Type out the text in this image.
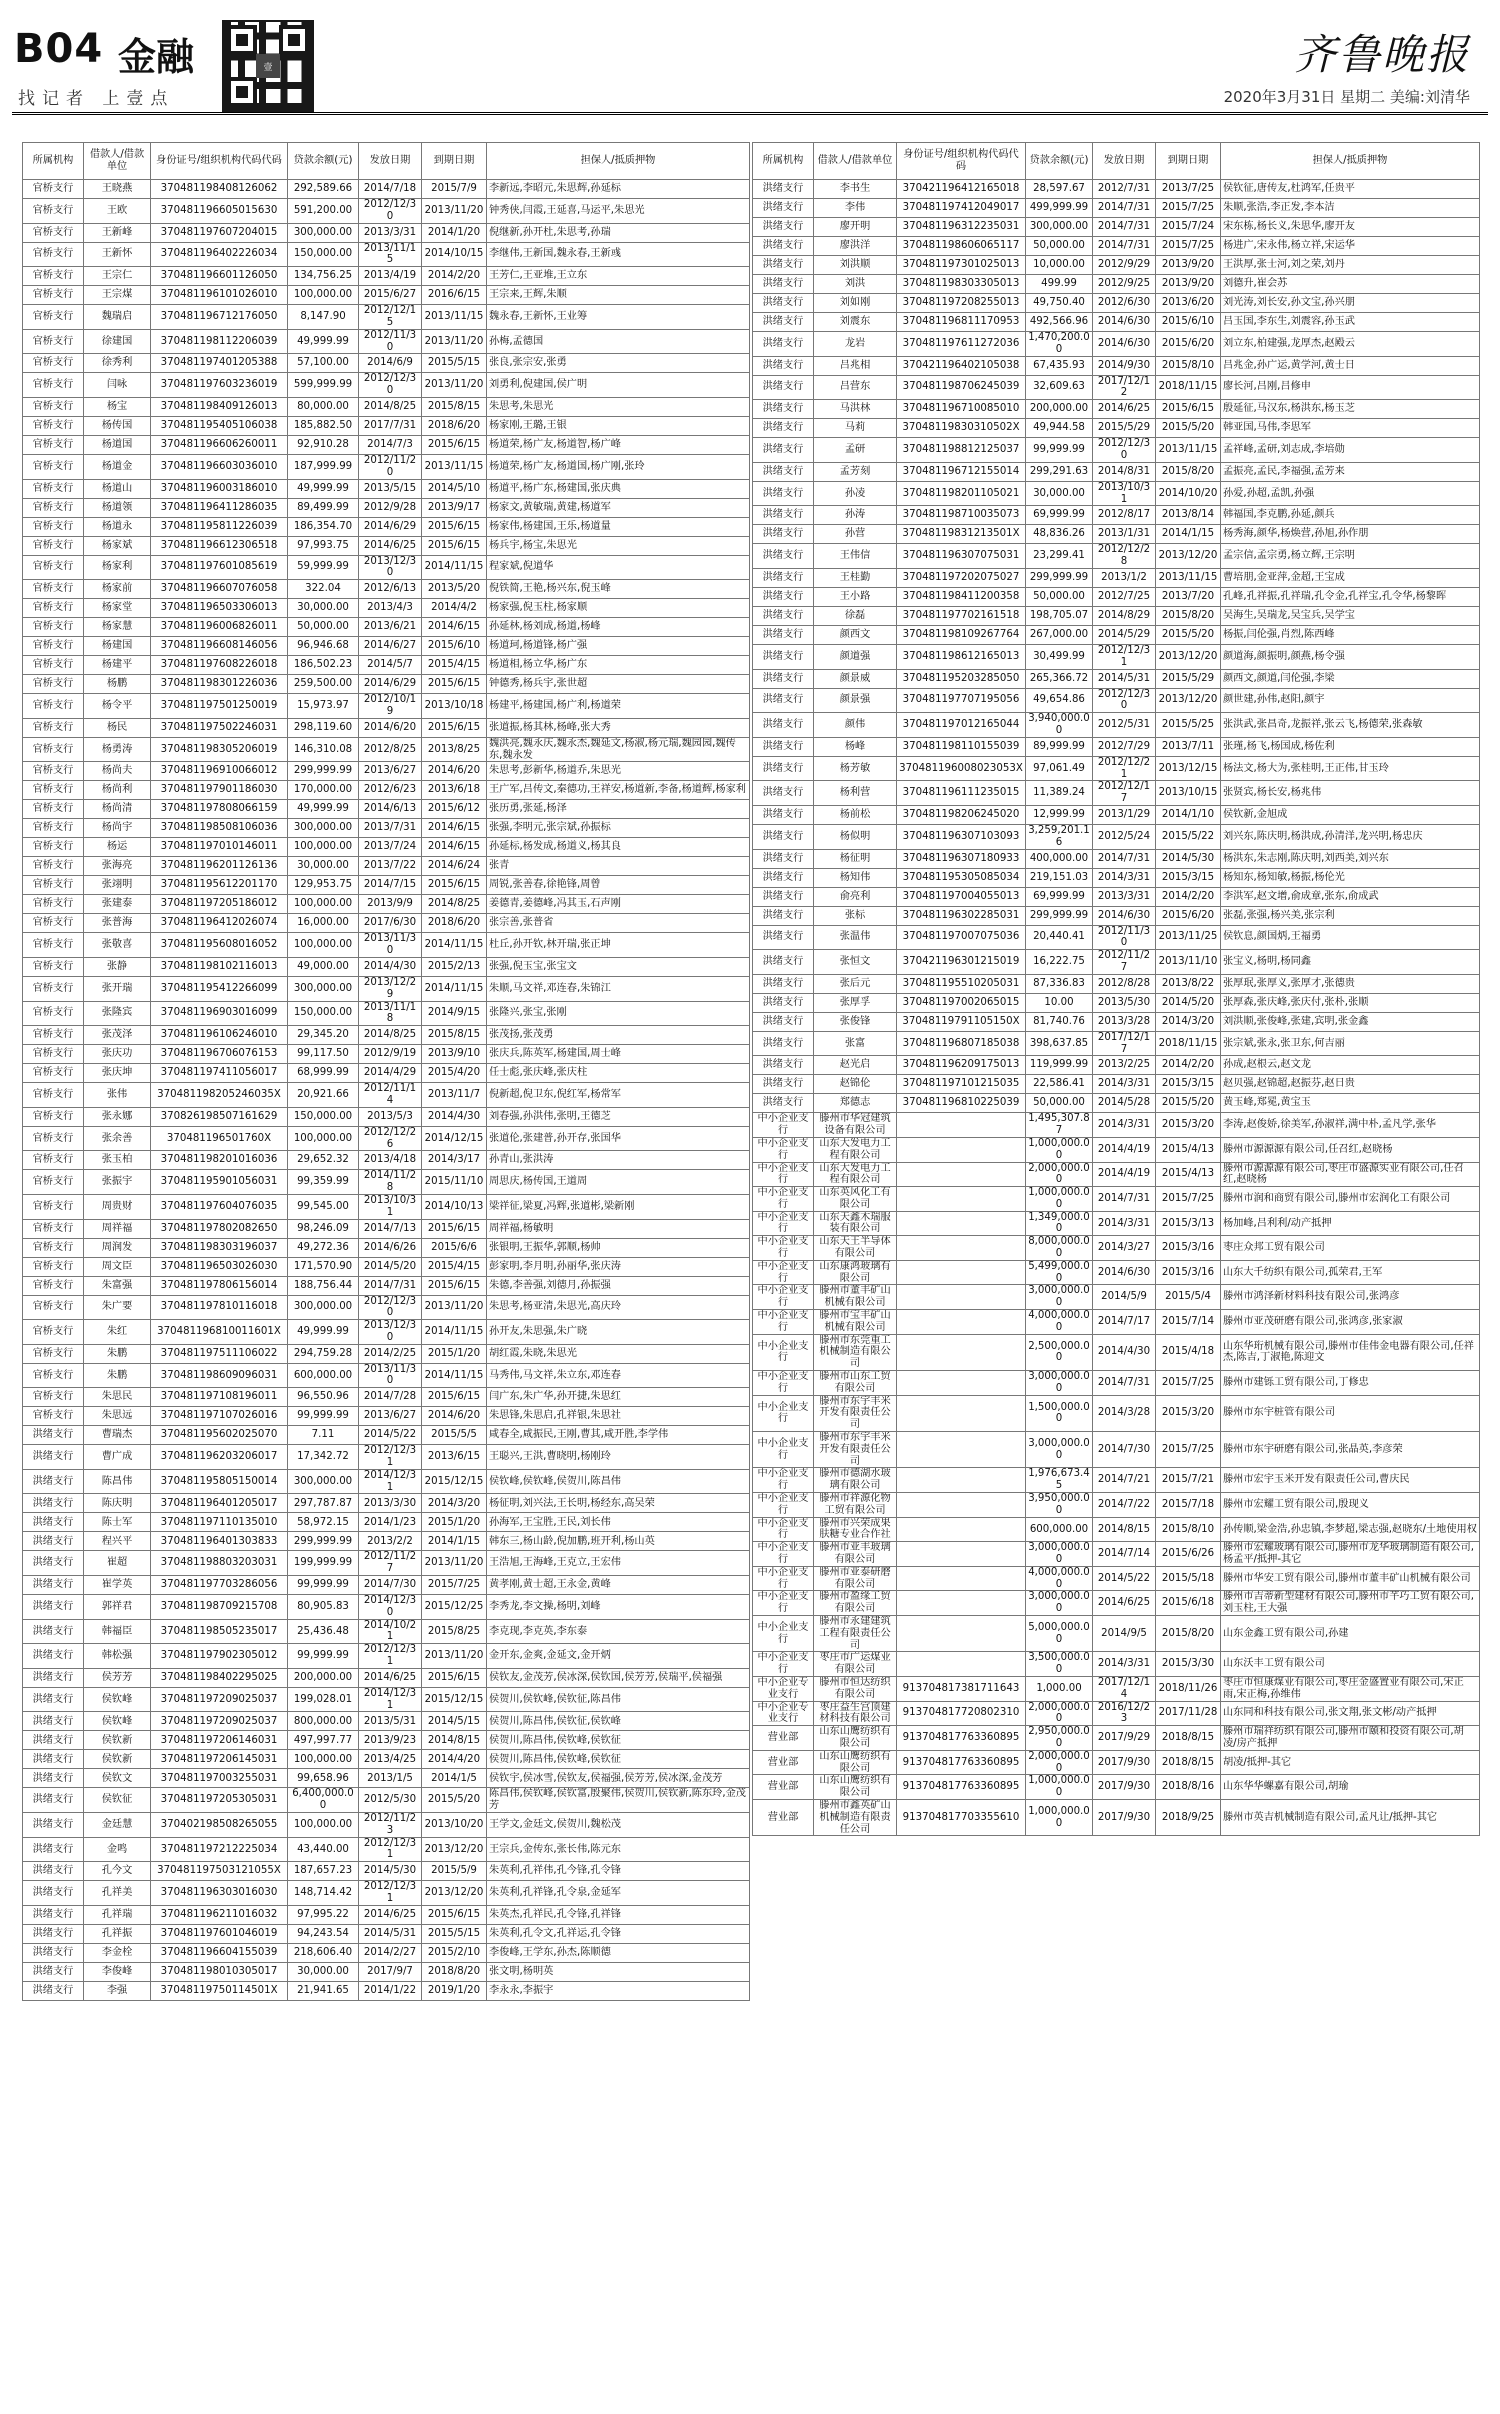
B04 金融
找记者 上壹点
壹	齐鲁晚报
2020年3月31日 星期二 美编:刘清华
所属机构	借款人/借款单位	身份证号/组织机构代码代码	贷款余额(元)	发放日期	到期日期	担保人/抵质押物
官桥支行	王晓燕	370481198408126062	292,589.66	2014/7/18	2015/7/9	李新远,李昭元,朱思辉,孙延标
官桥支行	王欧	370481196605015630	591,200.00	2012/12/30	2013/11/20	钟秀侠,闫霞,王延喜,马运平,朱思光
官桥支行	王新峰	370481197607204015	300,000.00	2013/3/31	2014/1/20	倪继新,孙开杜,朱思考,孙瑞
官桥支行	王新怀	370481196402226034	150,000.00	2013/11/15	2014/10/15	李继伟,王新国,魏永春,王新彧
官桥支行	王宗仁	370481196601126050	134,756.25	2013/4/19	2014/2/20	王芳仁,王亚堆,王立东
官桥支行	王宗煤	370481196101026010	100,000.00	2015/6/27	2016/6/15	王宗来,王辉,朱顺
官桥支行	魏瑞启	370481196712176050	8,147.90	2012/12/15	2013/11/15	魏永春,王新怀,王业筹
官桥支行	徐建国	370481198112206039	49,999.99	2012/11/30	2013/11/20	孙梅,孟德国
官桥支行	徐秀利	370481197401205388	57,100.00	2014/6/9	2015/5/15	张良,张宗安,张勇
官桥支行	闫咏	370481197603236019	599,999.99	2012/12/30	2013/11/20	刘勇利,倪建国,侯广明
官桥支行	杨宝	370481198409126013	80,000.00	2014/8/25	2015/8/15	朱思考,朱思光
官桥支行	杨传国	370481195405106038	185,882.50	2017/7/31	2018/6/20	杨家刚,王璐,王银
官桥支行	杨道国	370481196606260011	92,910.28	2014/7/3	2015/6/15	杨道荣,杨广友,杨道智,杨广峰
官桥支行	杨道金	370481196603036010	187,999.99	2012/11/20	2013/11/15	杨道荣,杨广友,杨道国,杨广刚,张玲
官桥支行	杨道山	370481196003186010	49,999.99	2013/5/15	2014/5/10	杨道平,杨广东,杨建国,张庆典
官桥支行	杨道领	370481196411286035	89,499.99	2012/9/28	2013/9/17	杨家文,黄敏瑞,黄建,杨道军
官桥支行	杨道永	370481195811226039	186,354.70	2014/6/29	2015/6/15	杨家伟,杨建国,王乐,杨道量
官桥支行	杨家斌	370481196612306518	97,993.75	2014/6/25	2015/6/15	杨兵宇,杨宝,朱思光
官桥支行	杨家利	370481197601085619	59,999.99	2013/12/30	2014/11/15	程家斌,倪道华
官桥支行	杨家前	370481196607076058	322.04	2012/6/13	2013/5/20	倪铁简,王艳,杨兴东,倪玉峰
官桥支行	杨家堂	370481196503306013	30,000.00	2013/4/3	2014/4/2	杨家强,倪玉柱,杨家顺
官桥支行	杨家慧	370481196006826011	50,000.00	2013/6/21	2014/6/15	孙延林,杨刘成,杨道,杨峰
官桥支行	杨建国	370481196608146056	96,946.68	2014/6/27	2015/6/10	杨道珂,杨道锋,杨广强
官桥支行	杨建平	370481197608226018	186,502.23	2014/5/7	2015/4/15	杨道相,杨立华,杨广东
官桥支行	杨鹏	370481198301226036	259,500.00	2014/6/29	2015/6/15	钟德秀,杨兵宇,张世超
官桥支行	杨令平	370481197501250019	15,973.97	2012/10/19	2013/10/18	杨建平,杨建国,杨广利,杨道荣
官桥支行	杨民	370481197502246031	298,119.60	2014/6/20	2015/6/15	张道振,杨其林,杨峰,张大秀
官桥支行	杨勇涛	370481198305206019	146,310.08	2012/8/25	2013/8/25	魏洪亮,魏永庆,魏永杰,魏延文,杨淑,杨元瑞,魏园园,魏传东,魏永发
官桥支行	杨尚夫	370481196910066012	299,999.99	2013/6/27	2014/6/20	朱思考,彭新华,杨道乔,朱思光
官桥支行	杨尚利	370481197901186030	170,000.00	2012/6/23	2013/6/18	王广军,吕传文,秦德功,王祥安,杨道新,李备,杨道辉,杨家利
官桥支行	杨尚清	370481197808066159	49,999.99	2014/6/13	2015/6/12	张历勇,张延,杨泽
官桥支行	杨尚宇	370481198508106036	300,000.00	2013/7/31	2014/6/15	张强,李明元,张宗斌,孙振标
官桥支行	杨运	370481197010146011	100,000.00	2013/7/24	2014/6/15	孙延标,杨发成,杨道义,杨其良
官桥支行	张海亮	370481196201126136	30,000.00	2013/7/22	2014/6/24	张青
官桥支行	张翊明	370481195612201170	129,953.75	2014/7/15	2015/6/15	周锐,张善春,徐艳锋,周曾
官桥支行	张建泰	370481197205186012	100,000.00	2013/9/9	2014/8/25	姜德青,姜德峰,冯其玉,石声刚
官桥支行	张普海	370481196412026074	16,000.00	2017/6/30	2018/6/20	张宗善,张普省
官桥支行	张敬喜	370481195608016052	100,000.00	2013/11/30	2014/11/15	杜丘,孙开钦,林开瑞,张正坤
官桥支行	张静	370481198102116013	49,000.00	2014/4/30	2015/2/13	张强,倪玉宝,张宝文
官桥支行	张开瑞	370481195412266099	300,000.00	2013/12/29	2014/11/15	朱顺,马文祥,邓连春,朱锦江
官桥支行	张隆宾	370481196903016099	150,000.00	2013/11/18	2014/9/15	张隆兴,张宝,张刚
官桥支行	张茂泽	370481196106246010	29,345.20	2014/8/25	2015/8/15	张茂扬,张茂勇
官桥支行	张庆功	370481196706076153	99,117.50	2012/9/19	2013/9/10	张庆兵,陈英军,杨建国,周士峰
官桥支行	张庆坤	370481197411056017	68,999.99	2014/4/29	2015/4/20	任士彪,张庆峰,张庆柱
官桥支行	张伟	370481198205246035X	20,921.66	2012/11/14	2013/11/7	倪新超,倪卫东,倪红军,杨常军
官桥支行	张永娜	370826198507161629	150,000.00	2013/5/3	2014/4/30	刘春强,孙洪伟,张明,王德芝
官桥支行	张余善	370481196501760X	100,000.00	2012/12/26	2014/12/15	张道伦,张建普,孙开存,张国华
官桥支行	张玉柏	370481198201016036	29,652.32	2013/4/18	2014/3/17	孙青山,张洪涛
官桥支行	张振宇	370481195901056031	99,359.99	2014/11/28	2015/11/10	周思庆,杨传国,王道周
官桥支行	周贵财	370481197604076035	99,545.00	2013/10/31	2014/10/13	梁祥征,梁夏,冯辉,张道彬,梁新刚
官桥支行	周祥福	370481197802082650	98,246.09	2014/7/13	2015/6/15	周祥福,杨敏明
官桥支行	周润发	370481198303196037	49,272.36	2014/6/26	2015/6/6	张银明,王振华,郭顺,杨帅
官桥支行	周文臣	370481196503026030	171,570.90	2014/5/20	2015/4/15	彭家明,李月明,孙丽华,张庆涛
官桥支行	朱富强	370481197806156014	188,756.44	2014/7/31	2015/6/15	朱德,李善强,刘德月,孙振强
官桥支行	朱广要	370481197810116018	300,000.00	2012/12/30	2013/11/20	朱思考,杨亚清,朱思光,高庆玲
官桥支行	朱红	370481196810011601X	49,999.99	2013/12/30	2014/11/15	孙开友,朱思强,朱广晓
官桥支行	朱鹏	370481197511106022	294,759.28	2014/2/25	2015/1/20	胡红霞,朱晓,朱思光
官桥支行	朱鹏	370481198609096031	600,000.00	2013/11/30	2014/11/15	马秀伟,马文祥,朱立东,邓连春
官桥支行	朱思民	370481197108196011	96,550.96	2014/7/28	2015/6/15	闫广东,朱广华,孙开捷,朱思红
官桥支行	朱思远	370481197107026016	99,999.99	2013/6/27	2014/6/20	朱思锋,朱思启,孔祥银,朱思社
洪绪支行	曹瑞杰	370481195602025070	7.11	2014/5/22	2015/5/5	咸春全,咸振民,王刚,曹其,咸开胜,李学伟
洪绪支行	曹广成	370481196203206017	17,342.72	2012/12/31	2013/6/15	王聪兴,王洪,曹晓明,杨刚玲
洪绪支行	陈昌伟	370481195805150014	300,000.00	2014/12/31	2015/12/15	侯钦峰,侯钦峰,侯贺川,陈昌伟
洪绪支行	陈庆明	370481196401205017	297,787.87	2013/3/30	2014/3/20	杨征明,刘兴法,王长明,杨经东,高吴荣
洪绪支行	陈士军	370481197110135010	58,972.15	2014/1/23	2015/1/20	孙海军,王宝胜,王民,刘长伟
洪绪支行	程兴平	370481196401303833	299,999.99	2013/2/2	2014/1/15	韩东三,杨山龄,倪加鹏,班开利,杨山英
洪绪支行	崔超	370481198803203031	199,999.99	2012/11/27	2013/11/20	王浩旭,王海峰,王克立,王宏伟
洪绪支行	崔学英	370481197703286056	99,999.99	2014/7/30	2015/7/25	黄孝刚,黄士超,王永金,黄峰
洪绪支行	郭祥君	370481198709215708	80,905.83	2014/12/30	2015/12/25	李秀龙,李文操,杨明,刘峰
洪绪支行	韩福臣	370481198505235017	25,436.48	2014/10/21	2015/8/25	李克现,李克英,李东泰
洪绪支行	韩松强	370481197902305012	99,999.99	2012/12/31	2013/11/20	金开东,金爽,金延文,金开炳
洪绪支行	侯芳芳	370481198402295025	200,000.00	2014/6/25	2015/6/15	侯钦友,金茂芳,侯冰深,侯钦国,侯芳芳,侯瑞平,侯福强
洪绪支行	侯钦峰	370481197209025037	199,028.01	2014/12/31	2015/12/15	侯贺川,侯钦峰,侯钦征,陈昌伟
洪绪支行	侯钦峰	370481197209025037	800,000.00	2013/5/31	2014/5/15	侯贺川,陈昌伟,侯钦征,侯钦峰
洪绪支行	侯钦新	370481197206146031	497,997.77	2013/9/23	2014/8/15	侯贺川,陈昌伟,侯钦峰,侯钦征
洪绪支行	侯钦新	370481197206145031	100,000.00	2013/4/25	2014/4/20	侯贺川,陈昌伟,侯钦峰,侯钦征
洪绪支行	侯钦文	370481197003255031	99,658.96	2013/1/5	2014/1/5	侯钦宇,侯冰雪,侯钦友,侯福强,侯芳芳,侯冰深,金茂芳
洪绪支行	侯钦征	370481197205305031	6,400,000.00	2012/5/30	2015/5/20	陈昌伟,侯钦峰,侯钦富,殷聚伟,侯贺川,侯钦新,陈东玲,金茂芳
洪绪支行	金廷慧	370402198508265055	100,000.00	2012/11/23	2013/10/20	王学文,金廷文,侯贺川,魏松茂
洪绪支行	金鸣	370481197212225034	43,440.00	2012/12/31	2013/12/20	王宗兵,金传东,张长伟,陈元东
洪绪支行	孔今文	370481197503121055X	187,657.23	2014/5/30	2015/5/9	朱英利,孔祥伟,孔今锋,孔令锋
洪绪支行	孔祥美	370481196303016030	148,714.42	2012/12/31	2013/12/20	朱英利,孔祥锋,孔令泉,金延军
洪绪支行	孔祥瑞	370481196211016032	97,995.22	2014/6/25	2015/6/15	朱英杰,孔祥民,孔令锋,孔祥锋
洪绪支行	孔祥振	370481197601046019	94,243.54	2014/5/31	2015/5/15	朱英利,孔令文,孔祥运,孔令锋
洪绪支行	李金栓	370481196604155039	218,606.40	2014/2/27	2015/2/10	李俊峰,王学东,孙杰,陈顺德
洪绪支行	李俊峰	370481198010305017	30,000.00	2017/9/7	2018/8/20	张文明,杨明英
洪绪支行	李强	37048119750114501X	21,941.65	2014/1/22	2019/1/20	李永永,李振宇
所属机构	借款人/借款单位	身份证号/组织机构代码代码	贷款余额(元)	发放日期	到期日期	担保人/抵质押物
洪绪支行	李书生	370421196412165018	28,597.67	2012/7/31	2013/7/25	侯钦征,唐传友,杜鸿军,任贵平
洪绪支行	李伟	370481197412049017	499,999.99	2014/7/31	2015/7/25	朱顺,张浩,李正发,李本洁
洪绪支行	廖开明	370481196312235031	300,000.00	2014/7/31	2015/7/24	宋东栋,杨长义,朱思华,廖开友
洪绪支行	廖洪洋	370481198606065117	50,000.00	2014/7/31	2015/7/25	杨进广,宋永伟,杨立祥,宋运华
洪绪支行	刘洪顺	370481197301025013	10,000.00	2012/9/29	2013/9/20	王洪厚,张士河,刘之荣,刘丹
洪绪支行	刘洪	370481198303305013	499.99	2012/9/25	2013/9/20	刘德升,崔会苏
洪绪支行	刘如刚	370481197208255013	49,750.40	2012/6/30	2013/6/20	刘光涛,刘长安,孙文宝,孙兴朋
洪绪支行	刘震东	370481196811170953	492,566.96	2014/6/30	2015/6/10	吕玉国,李东生,刘震容,孙玉武
洪绪支行	龙岩	370481197611272036	1,470,200.00	2014/6/30	2015/6/20	刘立东,柏建强,龙厚杰,赵殿云
洪绪支行	吕兆相	370421196402105038	67,435.93	2014/9/30	2015/8/10	吕兆金,孙广运,黄学河,黄士日
洪绪支行	吕营东	370481198706245039	32,609.63	2017/12/12	2018/11/15	廖长河,吕刚,吕修申
洪绪支行	马洪林	370481196710085010	200,000.00	2014/6/25	2015/6/15	殷延征,马汉东,杨洪东,杨玉芝
洪绪支行	马莉	37048119830310502X	49,944.58	2015/5/29	2015/5/20	韩亚国,马伟,李思军
洪绪支行	孟研	370481198812125037	99,999.99	2012/12/30	2013/11/15	孟祥峰,孟研,刘志成,李培勋
洪绪支行	孟芳刻	370481196712155014	299,291.63	2014/8/31	2015/8/20	孟振亮,孟民,李福强,孟芳来
洪绪支行	孙凌	370481198201105021	30,000.00	2013/10/31	2014/10/20	孙爱,孙超,孟凯,孙强
洪绪支行	孙涛	370481198710035073	69,999.99	2012/8/17	2013/8/14	韩福国,李克鹏,孙延,颜兵
洪绪支行	孙营	37048119831213501X	48,836.26	2013/1/31	2014/1/15	杨秀海,颜华,杨焕营,孙旭,孙作朋
洪绪支行	王伟信	370481196307075031	23,299.41	2012/12/28	2013/12/20	孟宗信,孟宗勇,杨立辉,王宗明
洪绪支行	王桂勤	370481197202075027	299,999.99	2013/1/2	2013/11/15	曹培朋,金亚萍,金超,王宝成
洪绪支行	王小路	370481198411200358	50,000.00	2012/7/25	2013/7/20	孔峰,孔祥振,孔祥瑞,孔令金,孔祥宝,孔令华,杨黎晖
洪绪支行	徐磊	370481197702161518	198,705.07	2014/8/29	2015/8/20	吴海生,吴瑞龙,吴宝兵,吴学宝
洪绪支行	颜西文	370481198109267764	267,000.00	2014/5/29	2015/5/20	杨振,闫伦强,肖烈,陈西峰
洪绪支行	颜道强	370481198612165013	30,499.99	2012/12/31	2013/12/20	颜道海,颜振明,颜燕,杨令强
洪绪支行	颜景威	370481195203285050	265,366.72	2014/5/31	2015/5/29	颜西文,颜道,闫伦强,李梁
洪绪支行	颜景强	370481197707195056	49,654.86	2012/12/30	2013/12/20	颜世建,孙伟,赵阳,颜宇
洪绪支行	颜伟	370481197012165044	3,940,000.00	2012/5/31	2015/5/25	张洪武,张昌奇,龙振祥,张云飞,杨德荣,张森敏
洪绪支行	杨峰	370481198110155039	89,999.99	2012/7/29	2013/7/11	张瑾,杨飞,杨国成,杨佐利
洪绪支行	杨芳敏	370481196008023053X	97,061.49	2012/12/21	2013/12/15	杨法文,杨大为,张桂明,王正伟,甘玉玲
洪绪支行	杨利营	370481196111235015	11,389.24	2012/12/17	2013/10/15	张贤宾,杨长安,杨兆伟
洪绪支行	杨前松	370481198206245020	12,999.99	2013/1/29	2014/1/10	侯钦新,金旭成
洪绪支行	杨似明	370481196307103093	3,259,201.16	2012/5/24	2015/5/22	刘兴东,陈庆明,杨洪成,孙清洋,龙兴明,杨忠庆
洪绪支行	杨征明	370481196307180933	400,000.00	2014/7/31	2014/5/30	杨洪东,朱志刚,陈庆明,刘西美,刘兴东
洪绪支行	杨知伟	370481195305085034	219,151.03	2014/3/31	2015/3/15	杨知东,杨知敏,杨振,杨伦光
洪绪支行	俞亮利	370481197004055013	69,999.99	2013/3/31	2014/2/20	李洪军,赵文增,俞成章,张东,俞成武
洪绪支行	张标	370481196302285031	299,999.99	2014/6/30	2015/6/20	张磊,张强,杨兴美,张宗利
洪绪支行	张温伟	370481197007075036	20,440.41	2012/11/30	2013/11/25	侯钦息,颜国炳,王福勇
洪绪支行	张恒文	370421196301215019	16,222.75	2012/11/27	2013/11/10	张宝义,杨明,杨同鑫
洪绪支行	张后元	370481195510205031	87,336.83	2012/8/28	2013/8/22	张厚珉,张厚义,张厚才,张德贵
洪绪支行	张厚孚	370481197002065015	10.00	2013/5/30	2014/5/20	张厚森,张庆峰,张庆付,张朴,张顺
洪绪支行	张俊锋	37048119791105150X	81,740.76	2013/3/28	2014/3/20	刘洪顺,张俊峰,张建,宾明,张金鑫
洪绪支行	张富	370481196807185038	398,637.85	2017/12/17	2018/11/15	张宗斌,张永,张卫东,何吉丽
洪绪支行	赵光启	370481196209175013	119,999.99	2013/2/25	2014/2/20	孙成,赵根云,赵文龙
洪绪支行	赵锦伦	370481197101215035	22,586.41	2014/3/31	2015/3/15	赵贝强,赵锦超,赵振芬,赵日贵
洪绪支行	郑德志	370481196810225039	50,000.00	2014/5/28	2015/5/20	黄玉峰,郑冕,黄宝玉
中小企业支行	滕州市华冠建筑设备有限公司		1,495,307.87	2014/3/31	2015/3/20	李涛,赵俊娇,徐美军,孙淑祥,满中朴,孟凡学,张华
中小企业支行	山东大发电力工程有限公司		1,000,000.00	2014/4/19	2015/4/13	滕州市源源源有限公司,任召红,赵晓杨
中小企业支行	山东大发电力工程有限公司		2,000,000.00	2014/4/19	2015/4/13	滕州市源源源有限公司,枣庄市盛源实业有限公司,任召红,赵晓杨
中小企业支行	山东英风化工有限公司		1,000,000.00	2014/7/31	2015/7/25	滕州市润和商贸有限公司,滕州市宏润化工有限公司
中小企业支行	山东天鑫木瑞服装有限公司		1,349,000.00	2014/3/31	2015/3/13	杨加峰,吕利利/动产抵押
中小企业支行	山东天王半导体有限公司		8,000,000.00	2014/3/27	2015/3/16	枣庄众邦工贸有限公司
中小企业支行	山东康鸿玻璃有限公司		5,499,000.00	2014/6/30	2015/3/16	山东大千纺织有限公司,孤荣君,王军
中小企业支行	滕州市董丰矿山机械有限公司		3,000,000.00	2014/5/9	2015/5/4	滕州市鸿泽新材料科技有限公司,张鸿彦
中小企业支行	滕州市宝丰矿山机械有限公司		4,000,000.00	2014/7/17	2015/7/14	滕州市亚茂研磨有限公司,张鸿彦,张家淑
中小企业支行	滕州市东莞重工机械制造有限公司		2,500,000.00	2014/4/30	2015/4/18	山东华珩机械有限公司,滕州市佳伟金电器有限公司,任祥杰,陈吉,丁淑艳,陈迎文
中小企业支行	滕州市山东工贸有限公司		3,000,000.00	2014/7/31	2015/7/25	滕州市建铄工贸有限公司,丁修忠
中小企业支行	滕州市东宇丰米开发有限责任公司		1,500,000.00	2014/3/28	2015/3/20	滕州市东宇桩管有限公司
中小企业支行	滕州市东宇丰米开发有限责任公司		3,000,000.00	2014/7/30	2015/7/25	滕州市东宇研磨有限公司,张晶英,李彦荣
中小企业支行	滕州市德湖水玻璃有限公司		1,976,673.45	2014/7/21	2015/7/21	滕州市宏宇玉米开发有限责任公司,曹庆民
中小企业支行	滕州市祥源化物工贸有限公司		3,950,000.00	2014/7/22	2015/7/18	滕州市宏耀工贸有限公司,殷现义
中小企业支行	滕州市兴荣成果肤糖专业合作社		600,000.00	2014/8/15	2015/8/10	孙传顺,梁金浩,孙忠镇,李梦超,梁志强,赵晓东/土地使用权
中小企业支行	滕州市亚丰玻璃有限公司		3,000,000.00	2014/7/14	2015/6/26	滕州市宏耀玻璃有限公司,滕州市龙华玻璃制造有限公司,杨孟平/抵押-其它
中小企业支行	滕州市亚泰研磨有限公司		4,000,000.00	2014/5/22	2015/5/18	滕州市华安工贸有限公司,滕州市董丰矿山机械有限公司
中小企业支行	滕州市盈缘工贸有限公司		3,000,000.00	2014/6/25	2015/6/18	滕州市吉蒂新型建材有限公司,滕州市芊巧工贸有限公司,刘玉柱,王大强
中小企业支行	滕州市永建建筑工程有限责任公司		5,000,000.00	2014/9/5	2015/8/20	山东金鑫工贸有限公司,孙建
中小企业支行	枣庄市广运煤业有限公司		3,500,000.00	2014/3/31	2015/3/30	山东沃丰工贸有限公司
中小企业专业支行	滕州市恒达纺织有限公司	913704817381711643	1,000.00	2017/12/14	2018/11/26	枣庄市恒康煤业有限公司,枣庄金盛置业有限公司,宋正雨,宋正梅,孙维伟
中小企业专业支行	枣庄益生宫顶建材科技有限公司	913704817720802310	2,000,000.00	2016/12/23	2017/11/28	山东同和科技有限公司,张文翔,张文彬/动产抵押
营业部	山东山鹰纺织有限公司	913704817763360895	2,950,000.00	2017/9/29	2018/8/15	滕州市瑞祥纺织有限公司,滕州市颐和投资有限公司,胡凌/房产抵押
营业部	山东山鹰纺织有限公司	913704817763360895	2,000,000.00	2017/9/30	2018/8/15	胡凌/抵押-其它
营业部	山东山鹰纺织有限公司	913704817763360895	1,000,000.00	2017/9/30	2018/8/16	山东华华螺嘉有限公司,胡瑜
营业部	滕州市鑫英矿山机械制造有限责任公司	913704817703355610	1,000,000.00	2017/9/30	2018/9/25	滕州市英吉机械制造有限公司,孟凡让/抵押-其它
